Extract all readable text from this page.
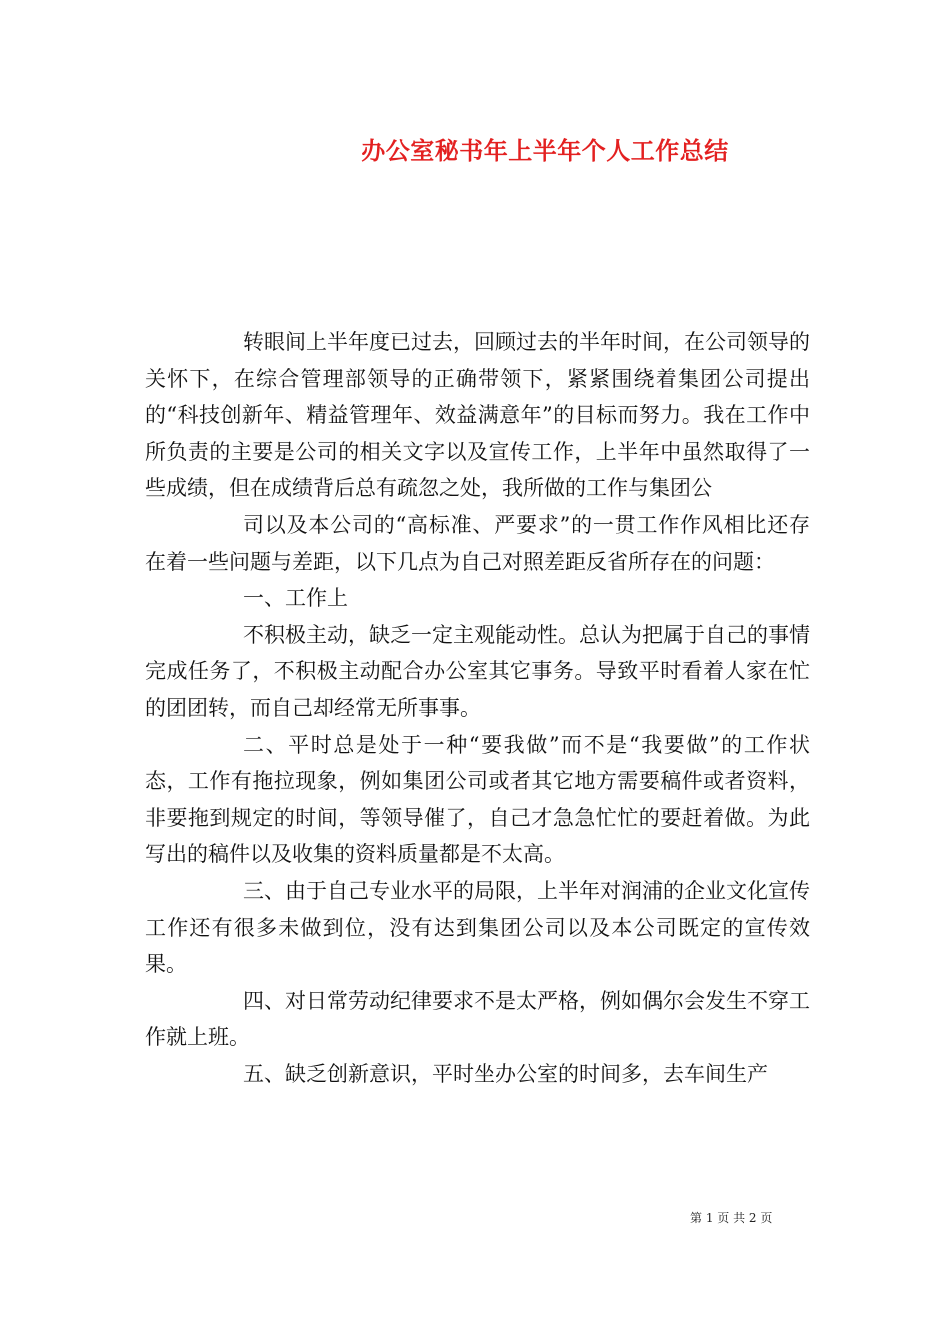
办公室秘书年上半年个人工作总结

转眼间上半年度已过去，回顾过去的半年时间，在公司领导的关怀下，在综合管理部领导的正确带领下，紧紧围绕着集团公司提出的“科技创新年、精益管理年、效益满意年”的目标而努力。我在工作中所负责的主要是公司的相关文字以及宣传工作，上半年中虽然取得了一些成绩，但在成绩背后总有疏忽之处，我所做的工作与集团公

司以及本公司的“高标准、严要求”的一贯工作作风相比还存在着一些问题与差距，以下几点为自己对照差距反省所存在的问题：

一、工作上

不积极主动，缺乏一定主观能动性。总认为把属于自己的事情完成任务了，不积极主动配合办公室其它事务。导致平时看着人家在忙的团团转，而自己却经常无所事事。

二、平时总是处于一种“要我做”而不是“我要做”的工作状态，工作有拖拉现象，例如集团公司或者其它地方需要稿件或者资料，非要拖到规定的时间，等领导催了，自己才急急忙忙的要赶着做。为此写出的稿件以及收集的资料质量都是不太高。

三、由于自己专业水平的局限，上半年对润浦的企业文化宣传工作还有很多未做到位，没有达到集团公司以及本公司既定的宣传效果。

四、对日常劳动纪律要求不是太严格，例如偶尔会发生不穿工作就上班。

五、缺乏创新意识，平时坐办公室的时间多，去车间生产

第 1 页 共 2 页
